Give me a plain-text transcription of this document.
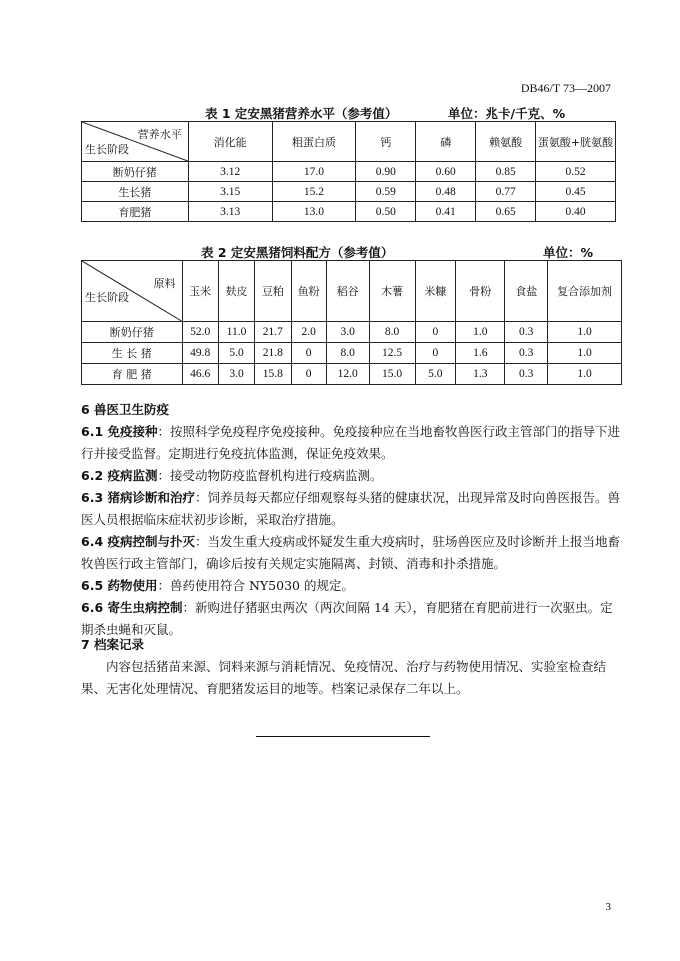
DB46/T 73—2007
表 1 定安黑猪营养水平（参考值）	单位：兆卡/千克、%
营养水平
生长阶段	消化能	粗蛋白质	钙	磷	赖氨酸	蛋氨酸+胱氨酸
断奶仔猪	3.12	17.0	0.90	0.60	0.85	0.52
生长猪	3.15	15.2	0.59	0.48	0.77	0.45
育肥猪	3.13	13.0	0.50	0.41	0.65	0.40
表 2 定安黑猪饲料配方（参考值）	单位：%
原料
生长阶段	玉米	麸皮	豆粕	鱼粉	稻谷	木薯	米糠	骨粉	食盐	复合添加剂
断奶仔猪	52.0	11.0	21.7	2.0	3.0	8.0	0	1.0	0.3	1.0
生 长 猪	49.8	5.0	21.8	0	8.0	12.5	0	1.6	0.3	1.0
育 肥 猪	46.6	3.0	15.8	0	12.0	15.0	5.0	1.3	0.3	1.0

6 兽医卫生防疫

6.1 免疫接种：按照科学免疫程序免疫接种。免疫接种应在当地畜牧兽医行政主管部门的指导下进行并接受监督。定期进行免疫抗体监测，保证免疫效果。

6.2 疫病监测：接受动物防疫监督机构进行疫病监测。

6.3 猪病诊断和治疗：饲养员每天都应仔细观察每头猪的健康状况，出现异常及时向兽医报告。兽医人员根据临床症状初步诊断，采取治疗措施。

6.4 疫病控制与扑灭：当发生重大疫病或怀疑发生重大疫病时，驻场兽医应及时诊断并上报当地畜牧兽医行政主管部门，确诊后按有关规定实施隔离、封锁、消毒和扑杀措施。

6.5 药物使用：兽药使用符合 NY5030 的规定。

6.6 寄生虫病控制：新购进仔猪驱虫两次（两次间隔 14 天），育肥猪在育肥前进行一次驱虫。定期杀虫蝇和灭鼠。

7 档案记录

内容包括猪苗来源、饲料来源与消耗情况、免疫情况、治疗与药物使用情况、实验室检查结果、无害化处理情况、育肥猪发运目的地等。档案记录保存二年以上。

3
